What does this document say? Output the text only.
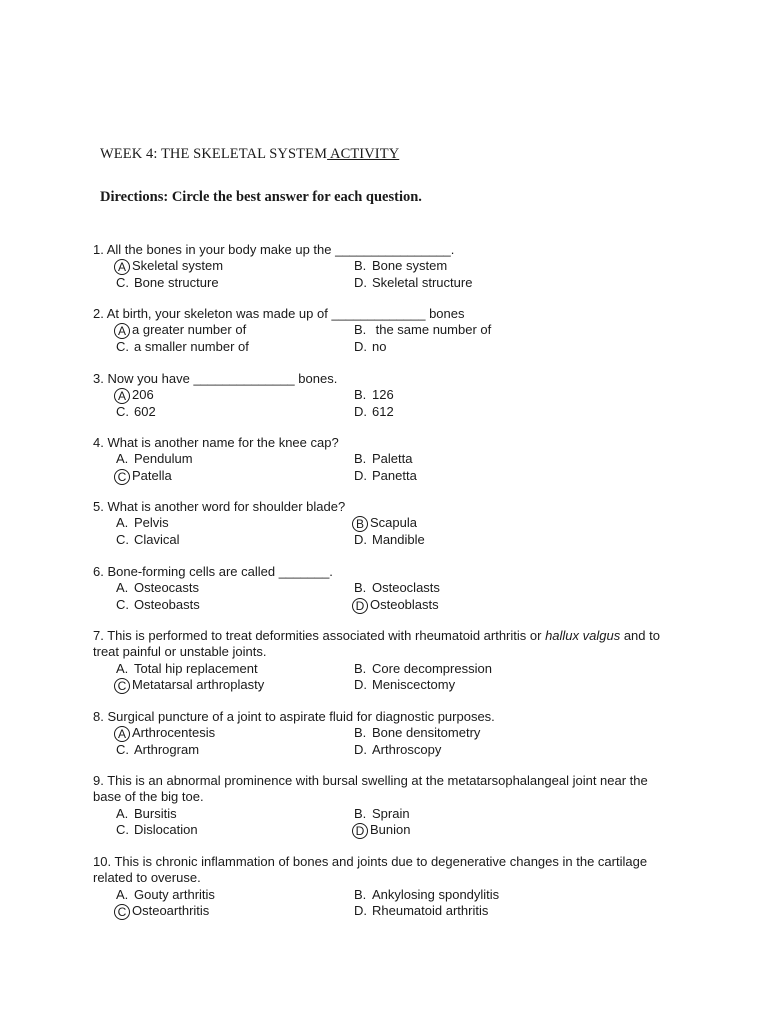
WEEK 4: THE SKELETAL SYSTEM ACTIVITY
Directions: Circle the best answer for each question.

1. All the bones in your body make up the ________________.

A Skeletal system	B. Bone system
C. Bone structure	D. Skeletal structure

2. At birth, your skeleton was made up of _____________ bones

A a greater number of	B. the same number of
C. a smaller number of	D. no

3. Now you have ______________ bones.

A 206	B. 126
C. 602	D. 612

4. What is another name for the knee cap?

A. Pendulum	B. Paletta
C Patella	D. Panetta

5. What is another word for shoulder blade?

A. Pelvis	B Scapula
C. Clavical	D. Mandible

6. Bone-forming cells are called _______.

A. Osteocasts	B. Osteoclasts
C. Osteobasts	D Osteoblasts

7. This is performed to treat deformities associated with rheumatoid arthritis or hallux valgus and to treat painful or unstable joints.

A. Total hip replacement	B. Core decompression
C Metatarsal arthroplasty	D. Meniscectomy

8. Surgical puncture of a joint to aspirate fluid for diagnostic purposes.

A Arthrocentesis	B. Bone densitometry
C. Arthrogram	D. Arthroscopy

9. This is an abnormal prominence with bursal swelling at the metatarsophalangeal joint near the base of the big toe.

A. Bursitis	B. Sprain
C. Dislocation	D Bunion

10. This is chronic inflammation of bones and joints due to degenerative changes in the cartilage related to overuse.

A. Gouty arthritis	B. Ankylosing spondylitis
C Osteoarthritis	D. Rheumatoid arthritis
